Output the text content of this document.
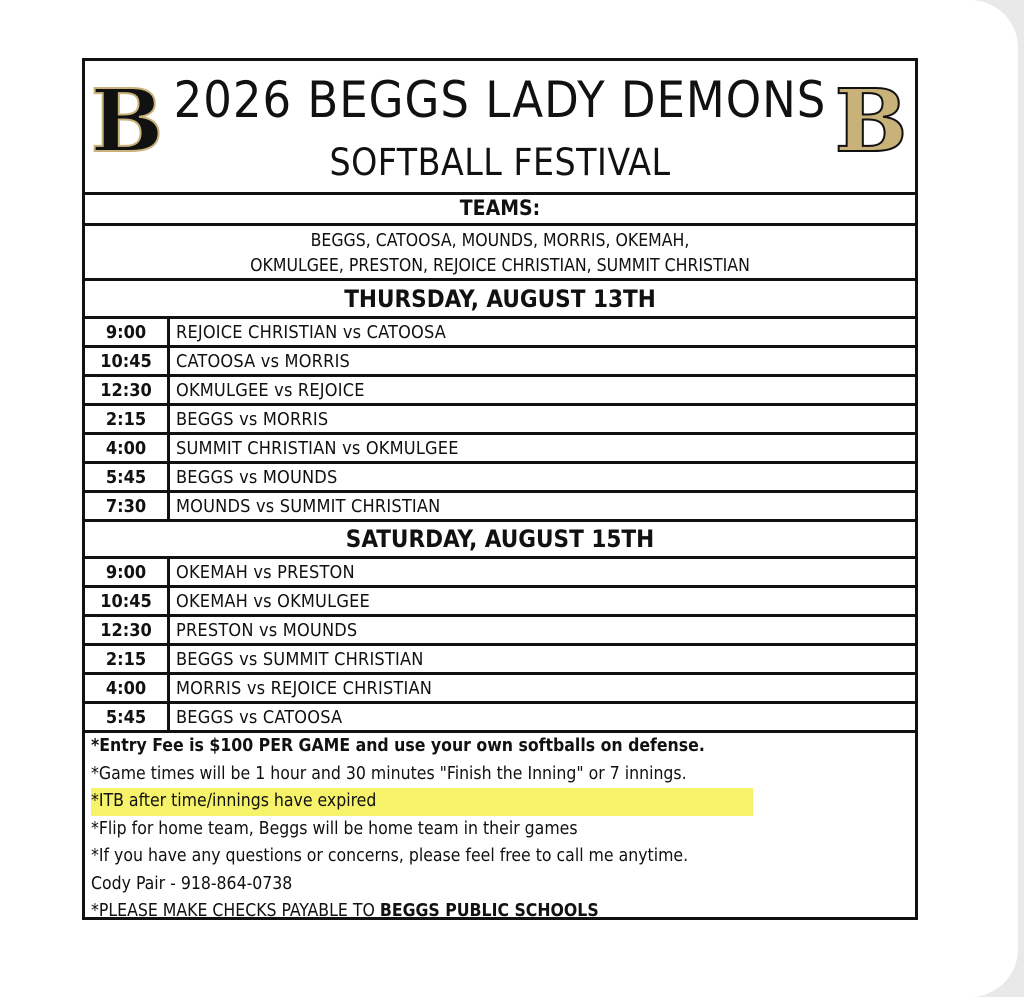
B 2026 BEGGS LADY DEMONS
SOFTBALL FESTIVAL	B
TEAMS:
BEGGS, CATOOSA, MOUNDS, MORRIS, OKEMAH,
OKMULGEE, PRESTON, REJOICE CHRISTIAN, SUMMIT CHRISTIAN
THURSDAY, AUGUST 13TH
9:00	REJOICE CHRISTIAN vs CATOOSA
10:45	CATOOSA vs MORRIS
12:30	OKMULGEE vs REJOICE
2:15	BEGGS vs MORRIS
4:00	SUMMIT CHRISTIAN vs OKMULGEE
5:45	BEGGS vs MOUNDS
7:30	MOUNDS vs SUMMIT CHRISTIAN
SATURDAY, AUGUST 15TH
9:00	OKEMAH vs PRESTON
10:45	OKEMAH vs OKMULGEE
12:30	PRESTON vs MOUNDS
2:15	BEGGS vs SUMMIT CHRISTIAN
4:00	MORRIS vs REJOICE CHRISTIAN
5:45	BEGGS vs CATOOSA
*Entry Fee is $100 PER GAME and use your own softballs on defense.
*Game times will be 1 hour and 30 minutes "Finish the Inning" or 7 innings.
*ITB after time/innings have expired
*Flip for home team, Beggs will be home team in their games
*If you have any questions or concerns, please feel free to call me anytime.
Cody Pair - 918-864-0738
*PLEASE MAKE CHECKS PAYABLE TO BEGGS PUBLIC SCHOOLS
